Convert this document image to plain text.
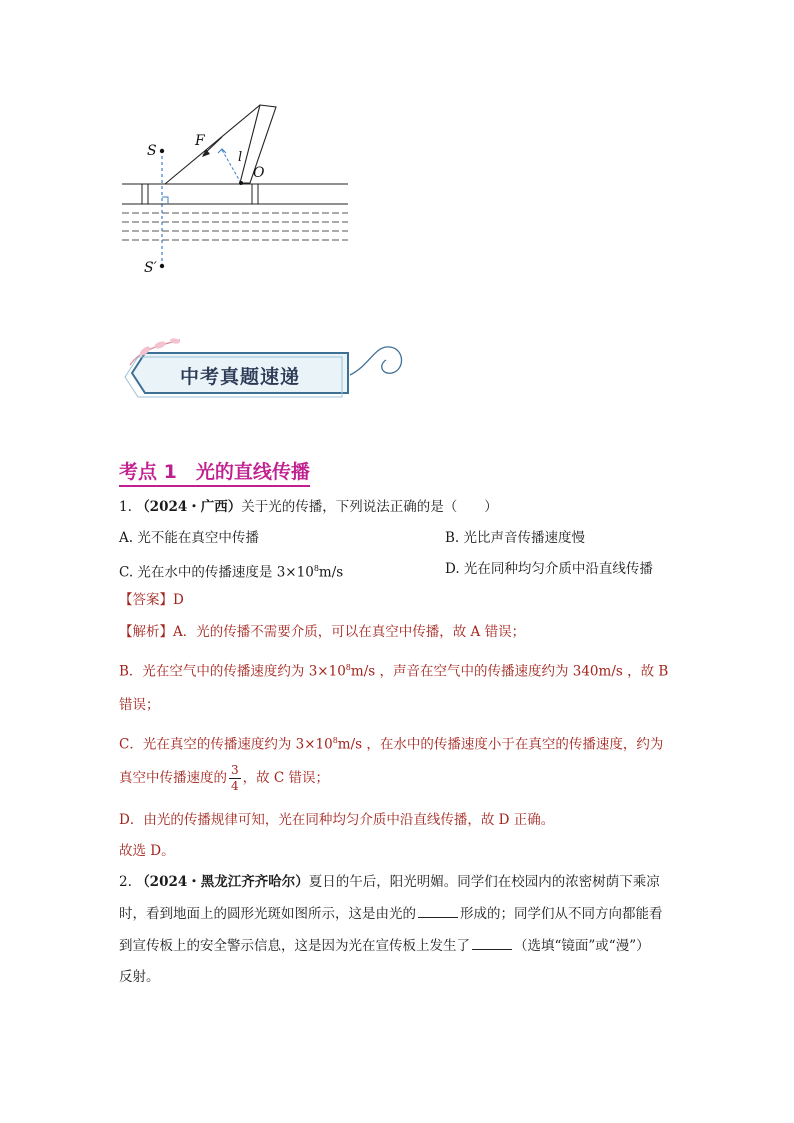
S
S′
F
l
O
中考真题速递
考点 1　光的直线传播
1. （2024・广西）关于光的传播，下列说法正确的是（　　）
A. 光不能在真空中传播	B. 光比声音传播速度慢
C. 光在水中的传播速度是 $3\times 10^8m/s$	D. 光在同种均匀介质中沿直线传播
【答案】D
【解析】A．光的传播不需要介质，可以在真空中传播，故 A 错误；
B．光在空气中的传播速度约为 $3\times 10^8m/s$ ，声音在空气中的传播速度约为 340m/s ，故 B
错误；
C．光在真空的传播速度约为 $3\times 10^8m/s$ ，在水中的传播速度小于在真空的传播速度，约为
真空中传播速度的 $\frac{3}{4}$ ，故 C 错误；
D．由光的传播规律可知，光在同种均匀介质中沿直线传播，故 D 正确。
故选 D。
2. （2024・黑龙江齐齐哈尔）夏日的午后，阳光明媚。同学们在校园内的浓密树荫下乘凉
时，看到地面上的圆形光斑如图所示，这是由光的	形成的；同学们从不同方向都能看
到宣传板上的安全警示信息，这是因为光在宣传板上发生了	（选填“镜面”或“漫”）
反射。
